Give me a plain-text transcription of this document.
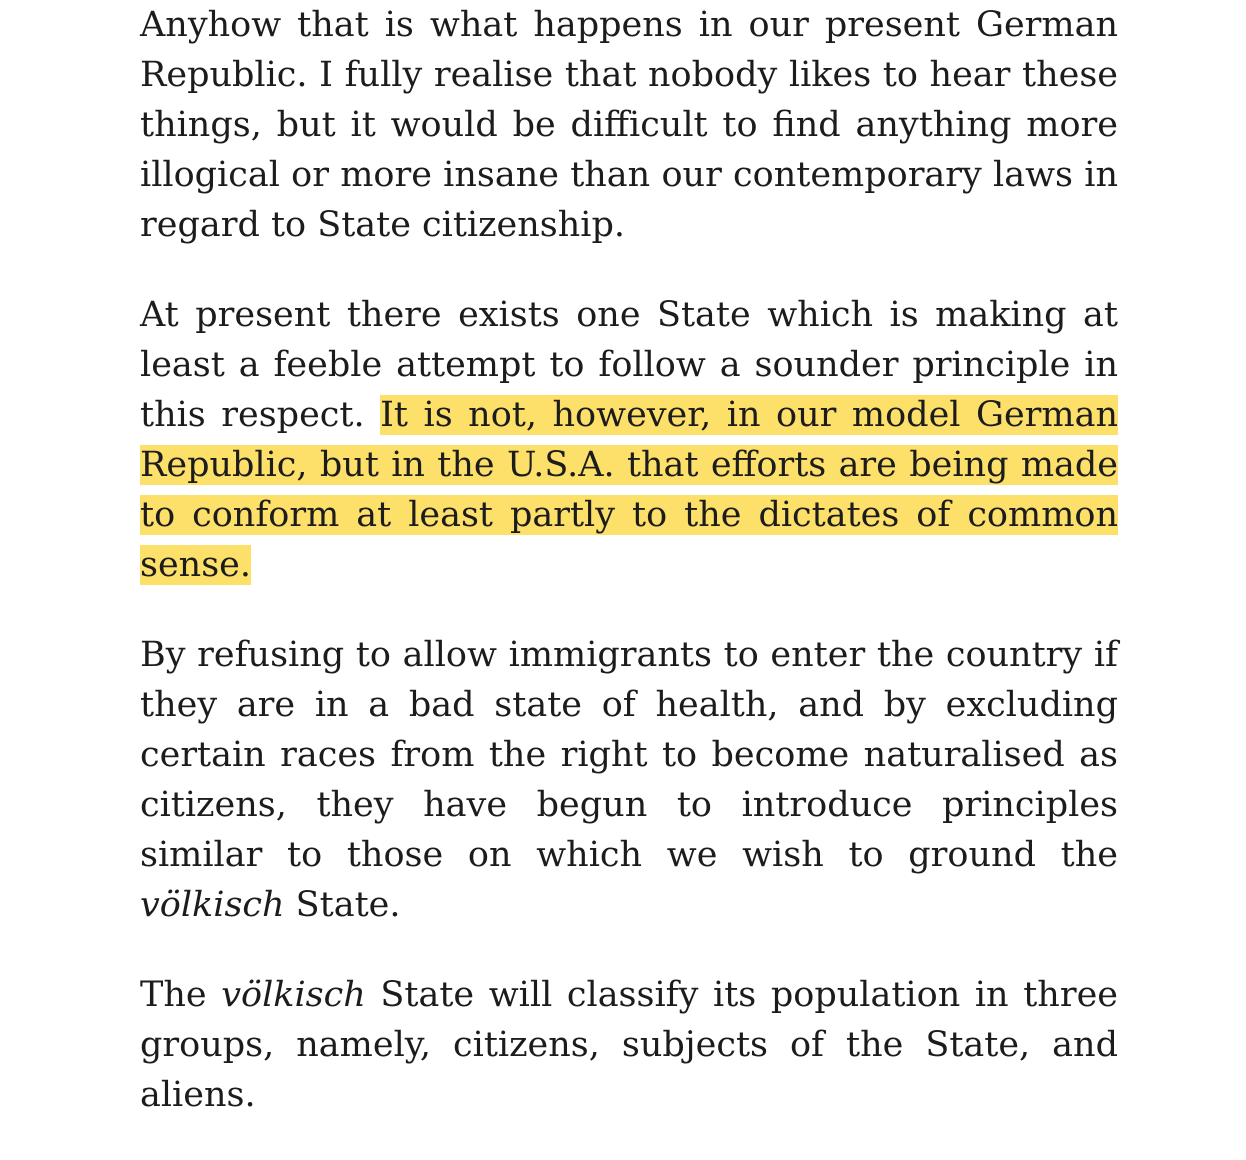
Anyhow that is what happens in our present German Republic. I fully realise that nobody likes to hear these things, but it would be difficult to find anything more illogical or more insane than our contemporary laws in regard to State citizenship.

At present there exists one State which is making at least a feeble attempt to follow a sounder principle in this respect. It is not, however, in our model German Republic, but in the U.S.A. that efforts are being made to conform at least partly to the dictates of common sense.

By refusing to allow immigrants to enter the country if they are in a bad state of health, and by excluding certain races from the right to become naturalised as citizens, they have begun to introduce principles similar to those on which we wish to ground the völkisch State.

The völkisch State will classify its population in three groups, namely, citizens, subjects of the State, and aliens.
